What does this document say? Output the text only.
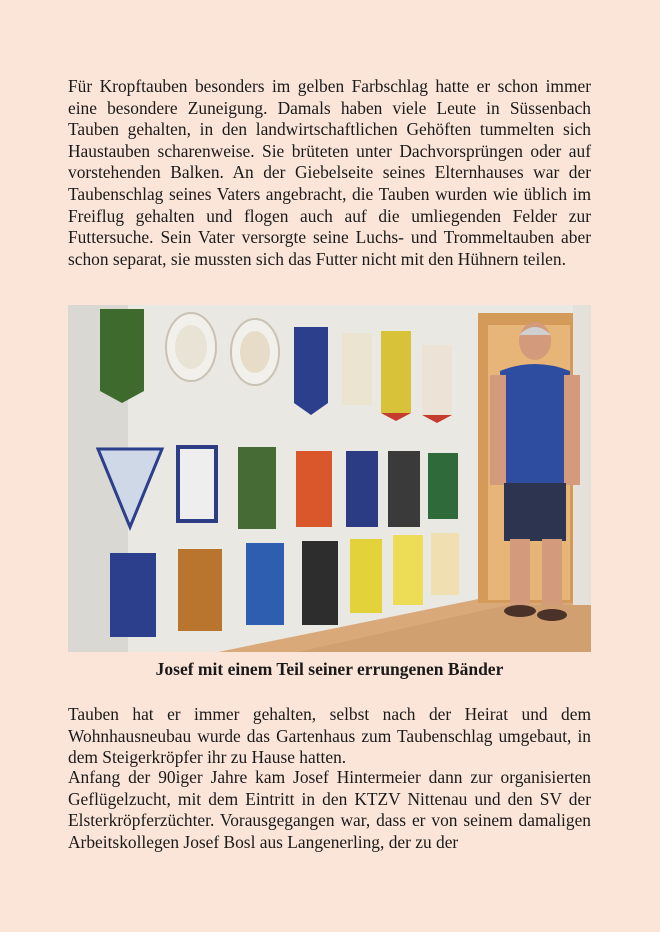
Für Kropftauben besonders im gelben Farbschlag hatte er schon immer eine besondere Zuneigung. Damals haben viele Leute in Süssenbach Tauben gehalten, in den landwirtschaftlichen Gehöften tummelten sich Haustauben scharenweise. Sie brüteten unter Dachvorsprüngen oder auf vorstehenden Balken. An der Giebelseite seines Elternhauses war der Taubenschlag seines Vaters angebracht, die Tauben wurden wie üblich im Freiflug gehalten und flogen auch auf die umliegenden Felder zur Futtersuche. Sein Vater versorgte seine Luchs- und Trommeltauben aber schon separat, sie mussten sich das Futter nicht mit den Hühnern teilen.

Josef mit einem Teil seiner errungenen Bänder

Tauben hat er immer gehalten, selbst nach der Heirat und dem Wohnhausneubau wurde das Gartenhaus zum Taubenschlag umgebaut, in dem Steigerkröpfer ihr zu Hause hatten.

Anfang der 90iger Jahre kam Josef Hintermeier dann zur organisierten Geflügelzucht, mit dem Eintritt in den KTZV Nittenau und den SV der Elsterkröpferzüchter. Vorausgegangen war, dass er von seinem damaligen Arbeitskollegen Josef Bosl aus Langenerling, der zu der
